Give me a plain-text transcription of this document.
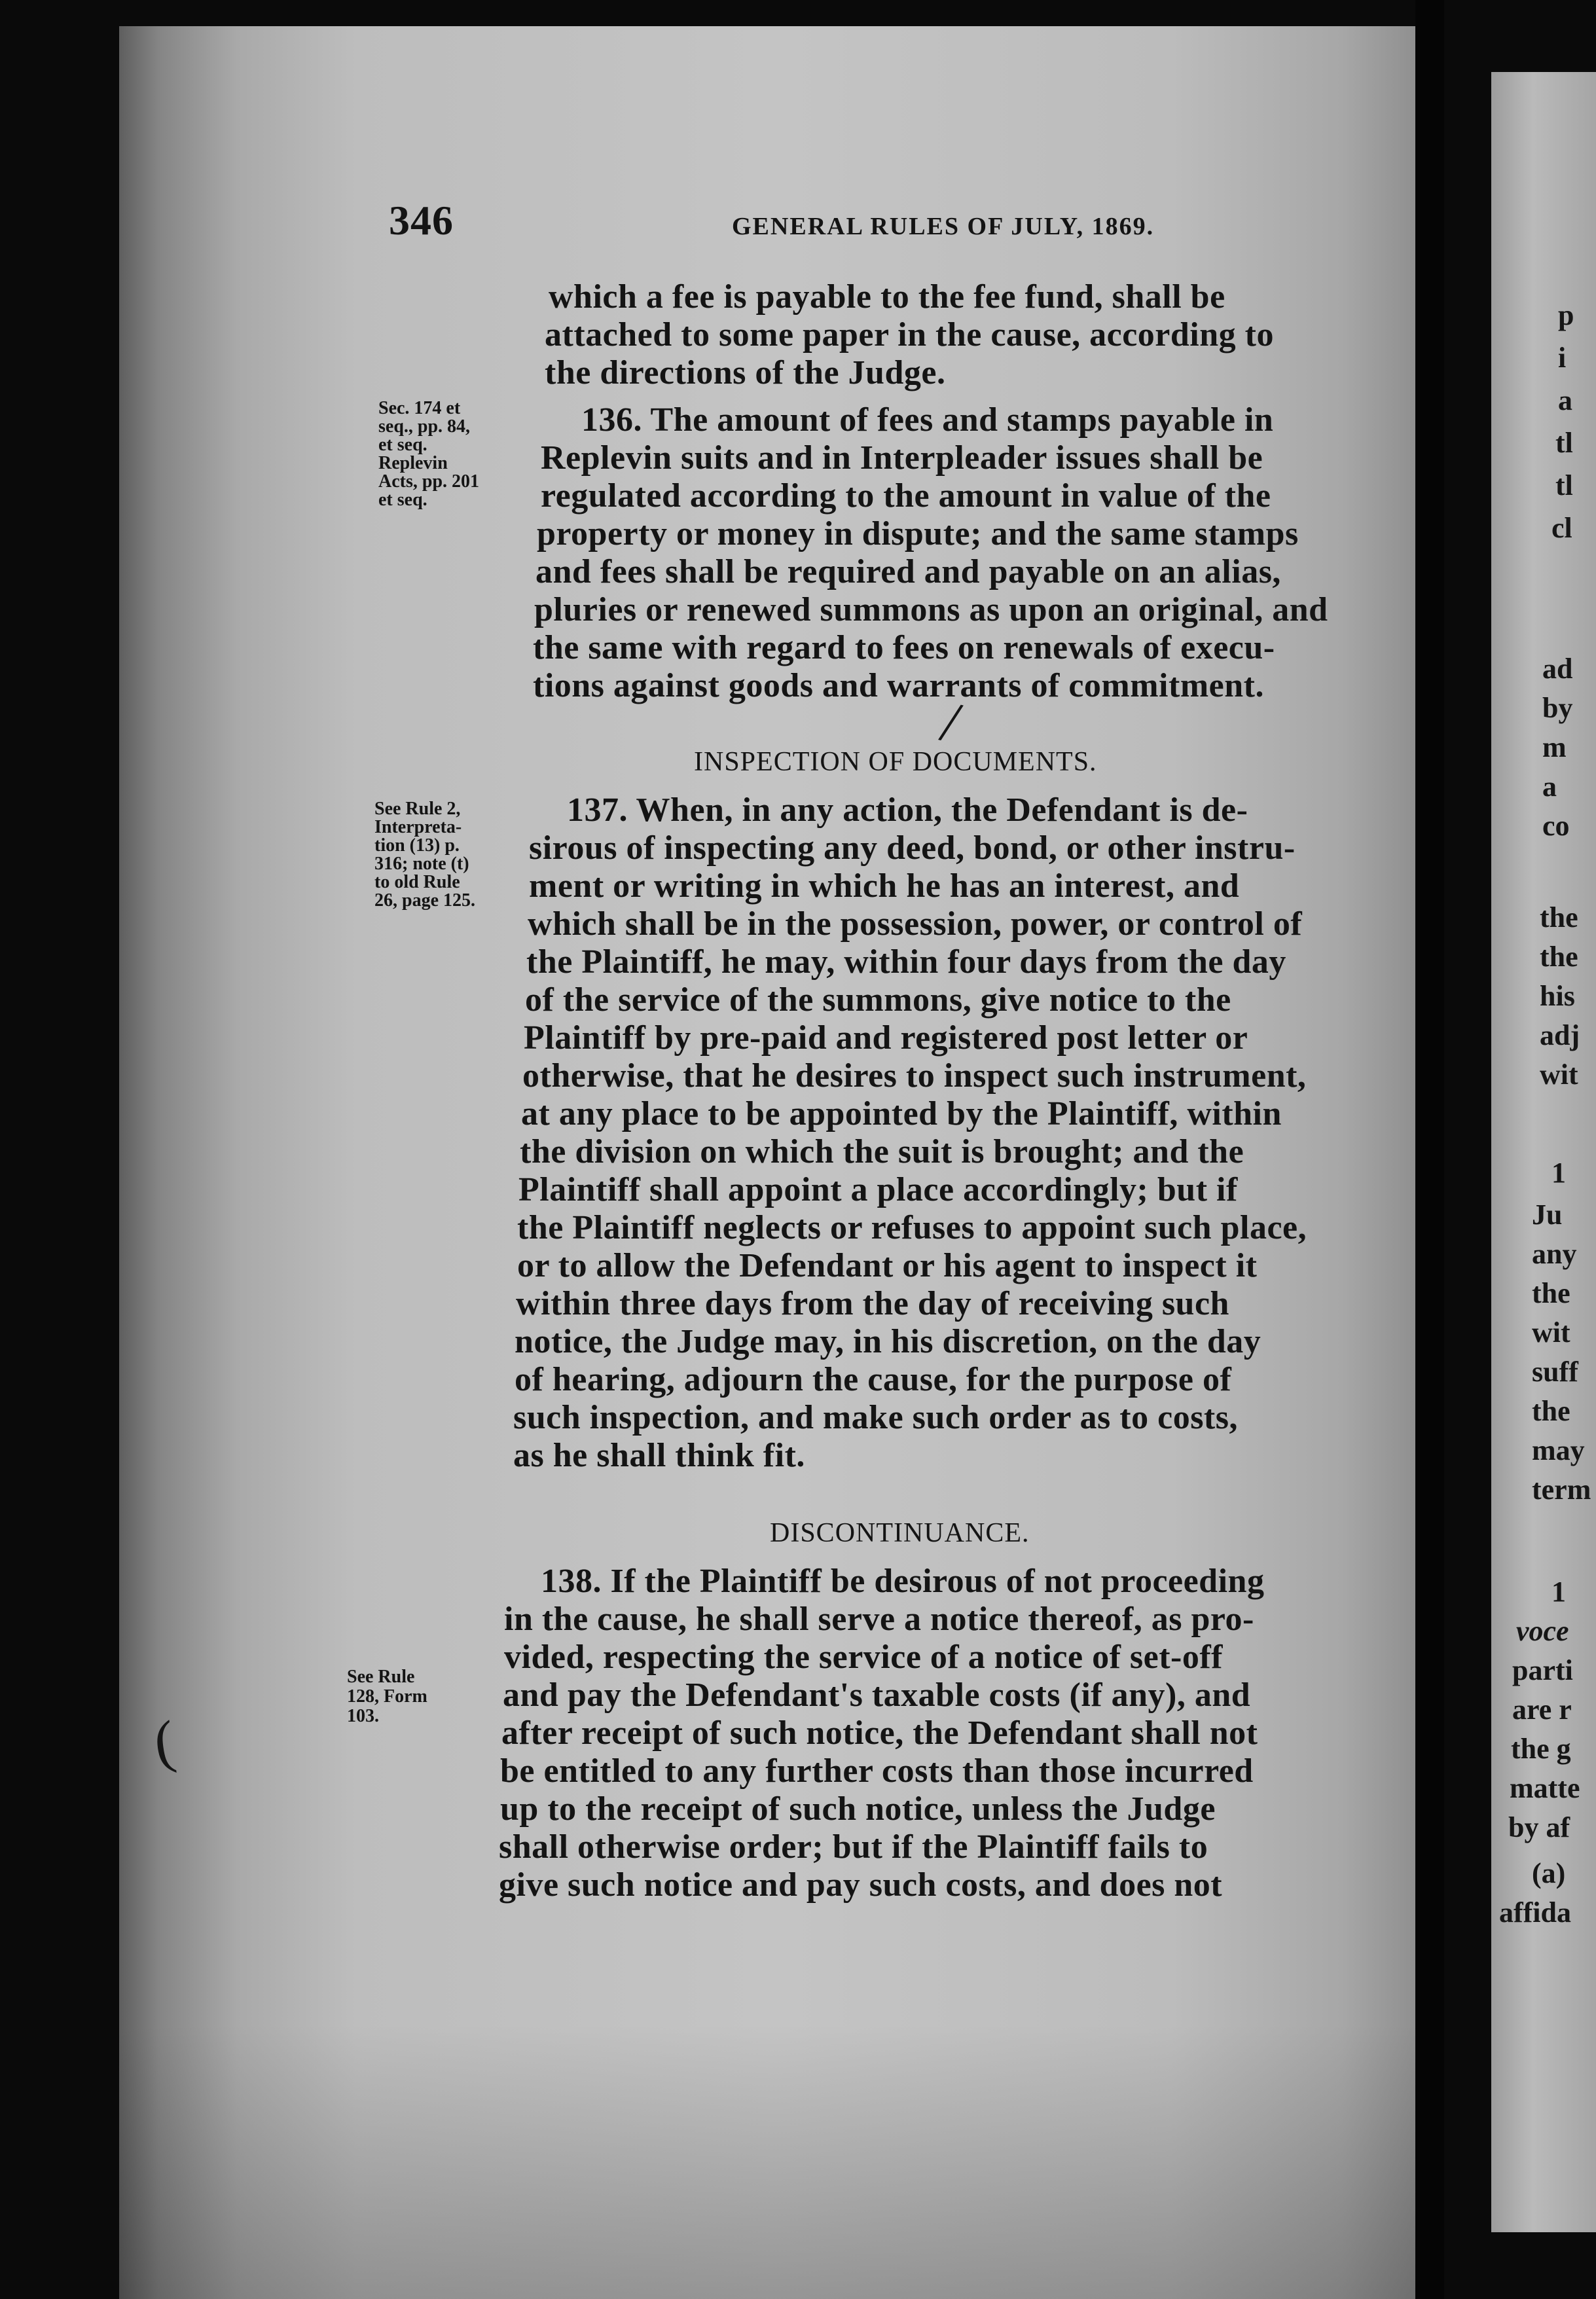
346	GENERAL RULES OF JULY, 1869.
which a fee is payable to the fee fund, shall be
attached to some paper in the cause, according to
the directions of the Judge.
Sec. 174 et
seq., pp. 84,
et seq.
Replevin
Acts, pp. 201
et seq.
136. The amount of fees and stamps payable in
Replevin suits and in Interpleader issues shall be
regulated according to the amount in value of the
property or money in dispute; and the same stamps
and fees shall be required and payable on an alias,
pluries or renewed summons as upon an original, and
the same with regard to fees on renewals of execu-
tions against goods and warrants of commitment.
INSPECTION OF DOCUMENTS.
See Rule 2,
Interpreta-
tion (13) p.
316; note (t)
to old Rule
26, page 125.
137. When, in any action, the Defendant is de-
sirous of inspecting any deed, bond, or other instru-
ment or writing in which he has an interest, and
which shall be in the possession, power, or control of
the Plaintiff, he may, within four days from the day
of the service of the summons, give notice to the
Plaintiff by pre-paid and registered post letter or
otherwise, that he desires to inspect such instrument,
at any place to be appointed by the Plaintiff, within
the division on which the suit is brought; and the
Plaintiff shall appoint a place accordingly; but if
the Plaintiff neglects or refuses to appoint such place,
or to allow the Defendant or his agent to inspect it
within three days from the day of receiving such
notice, the Judge may, in his discretion, on the day
of hearing, adjourn the cause, for the purpose of
such inspection, and make such order as to costs,
as he shall think fit.
DISCONTINUANCE.
See Rule
128, Form
103.
138. If the Plaintiff be desirous of not proceeding
in the cause, he shall serve a notice thereof, as pro-
vided, respecting the service of a notice of set-off
and pay the Defendant's taxable costs (if any), and
after receipt of such notice, the Defendant shall not
be entitled to any further costs than those incurred
up to the receipt of such notice, unless the Judge
shall otherwise order; but if the Plaintiff fails to
give such notice and pay such costs, and does not
/
(
p
i
a
tl
tl
cl
ad
by
m
a
co
the
the
his
adj
wit
1
Ju
any
the
wit
suff
the
may
term
1
voce
parti
are r
the g
matte
by af
(a)
affida
